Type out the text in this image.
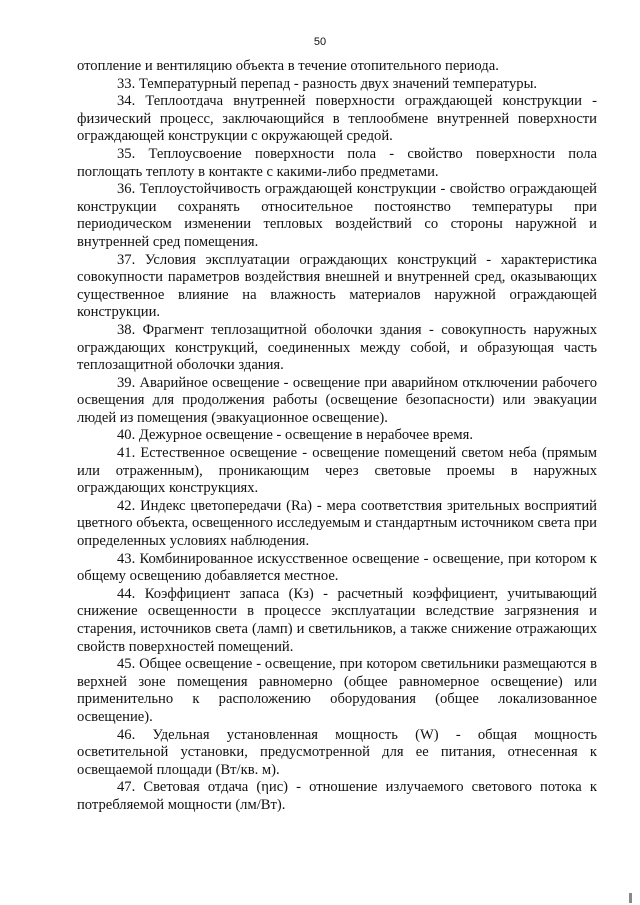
50

отопление и вентиляцию объекта в течение отопительного периода.

33. Температурный перепад - разность двух значений температуры.

34. Теплоотдача внутренней поверхности ограждающей конструкции - физический процесс, заключающийся в теплообмене внутренней поверхности ограждающей конструкции с окружающей средой.

35. Теплоусвоение поверхности пола - свойство поверхности пола поглощать теплоту в контакте с какими-либо предметами.

36. Теплоустойчивость ограждающей конструкции - свойство ограждающей конструкции сохранять относительное постоянство температуры при периодическом изменении тепловых воздействий со стороны наружной и внутренней сред помещения.

37. Условия эксплуатации ограждающих конструкций - характеристика совокупности параметров воздействия внешней и внутренней сред, оказывающих существенное влияние на влажность материалов наружной ограждающей конструкции.

38. Фрагмент теплозащитной оболочки здания - совокупность наружных ограждающих конструкций, соединенных между собой, и образующая часть теплозащитной оболочки здания.

39. Аварийное освещение - освещение при аварийном отключении рабочего освещения для продолжения работы (освещение безопасности) или эвакуации людей из помещения (эвакуационное освещение).

40. Дежурное освещение - освещение в нерабочее время.

41. Естественное освещение - освещение помещений светом неба (прямым или отраженным), проникающим через световые проемы в наружных ограждающих конструкциях.

42. Индекс цветопередачи (Ra) - мера соответствия зрительных восприятий цветного объекта, освещенного исследуемым и стандартным источником света при определенных условиях наблюдения.

43. Комбинированное искусственное освещение - освещение, при котором к общему освещению добавляется местное.

44. Коэффициент запаса (Кз) - расчетный коэффициент, учитывающий снижение освещенности в процессе эксплуатации вследствие загрязнения и старения, источников света (ламп) и светильников, а также снижение отражающих свойств поверхностей помещений.

45. Общее освещение - освещение, при котором светильники размещаются в верхней зоне помещения равномерно (общее равномерное освещение) или применительно к расположению оборудования (общее локализованное освещение).

46. Удельная установленная мощность (W) - общая мощность осветительной установки, предусмотренной для ее питания, отнесенная к освещаемой площади (Вт/кв. м).

47. Световая отдача (ηис) - отношение излучаемого светового потока к потребляемой мощности (лм/Вт).
